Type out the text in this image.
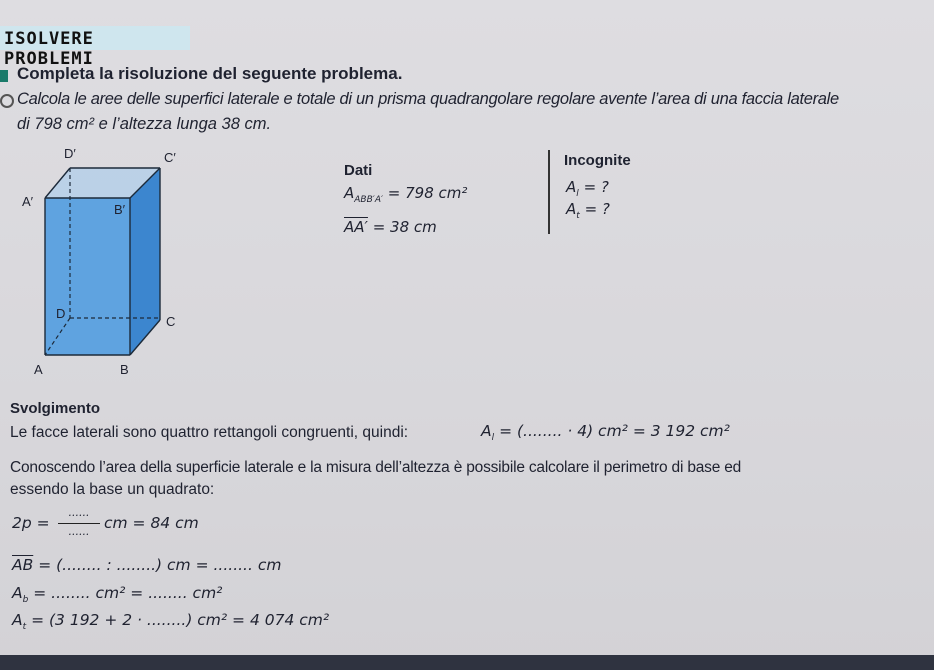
ISOLVERE PROBLEMI
Completa la risoluzione del seguente problema.
Calcola le aree delle superfici laterale e totale di un prisma quadrangolare regolare avente l’area di una faccia laterale
di 798 cm² e l’altezza lunga 38 cm.
D′	C′
A′
B′
D
C
A	B
Dati
$A_{ABB'A'} = 798$ cm²
AA′ = 38 cm
Incognite
$A_l$ = ?
$A_t$ = ?
Svolgimento
Le facce laterali sono quattro rettangoli congruenti, quindi:	$A_l$ = (........ · 4) cm² = 3 192 cm²
Conoscendo l’area della superficie laterale e la misura dell’altezza è possibile calcolare il perimetro di base ed
essendo la base un quadrato:
2p =
......
...... cm = 84 cm
$\overline{AB}$ = (........ : ........) cm = ........ cm
$A_b$ = ........ cm² = ........ cm²
$A_t = (3$ 192 + 2 · ........) cm² = 4 074 cm²
